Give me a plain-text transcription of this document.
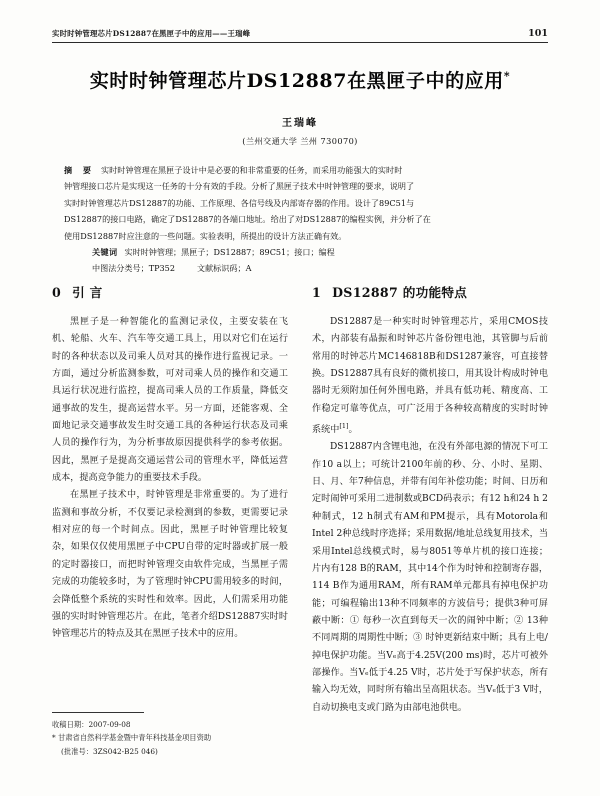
实时时钟管理芯片DS12887在黑匣子中的应用——王瑞峰	101
实时时钟管理芯片DS12887在黑匣子中的应用*
王瑞峰
(兰州交通大学 兰州 730070)
摘 要 实时时钟管理在黑匣子设计中是必要的和非常重要的任务，而采用功能强大的实时时
钟管理接口芯片是实现这一任务的十分有效的手段。分析了黑匣子技术中时钟管理的要求，说明了
实时时钟管理芯片DS12887的功能、工作原理、各信号线及内部寄存器的作用。设计了89C51与
DS12887的接口电路，确定了DS12887的各端口地址。给出了对DS12887的编程实例，并分析了在
使用DS12887时应注意的一些问题。实验表明，所提出的设计方法正确有效。
关键词 实时时钟管理；黑匣子；DS12887；89C51；接口；编程
中图法分类号；TP352	文献标识码；A
0 引 言

黑匣子是一种智能化的监测记录仪，主要安装在飞机、轮船、火车、汽车等交通工具上，用以对它们在运行时的各种状态以及司乘人员对其的操作进行监视记录。一方面，通过分析监测参数，可对司乘人员的操作和交通工具运行状况进行监控，提高司乘人员的工作质量，降低交通事故的发生，提高运营水平。另一方面，还能客观、全面地记录交通事故发生时交通工具的各种运行状态及司乘人员的操作行为，为分析事故原因提供科学的参考依据。因此，黑匣子是提高交通运营公司的管理水平，降低运营成本，提高竞争能力的重要技术手段。

在黑匣子技术中，时钟管理是非常重要的。为了进行监测和事故分析，不仅要记录检测到的参数，更需要记录相对应的每一个时间点。因此，黑匣子时钟管理比较复杂，如果仅仅使用黑匣子中CPU自带的定时器或扩展一般的定时器接口，而把时钟管理交由软件完成，当黑匣子需完成的功能较多时，为了管理时钟CPU需用较多的时间，会降低整个系统的实时性和效率。因此，人们需采用功能强的实时时钟管理芯片。在此，笔者介绍DS12887实时时钟管理芯片的特点及其在黑匣子技术中的应用。

1 DS12887 的功能特点

DS12887是一种实时时钟管理芯片，采用CMOS技术，内部装有晶振和时钟芯片备份锂电池，其管脚与后前常用的时钟芯片MC146818B和DS1287兼容，可直接替换。DS12887具有良好的微机接口，用其设计构成时钟电器时无须附加任何外围电路，并具有低功耗、精度高、工作稳定可靠等优点，可广泛用于各种较高精度的实时时钟系统中[1]。

DS12887内含锂电池，在没有外部电源的情况下可工作10 a以上；可统计2100年前的秒、分、小时、星期、日、月、年7种信息，并带有闰年补偿功能；时间、日历和定时闹钟可采用二进制数或BCD码表示；有12 h和24 h 2种制式，12 h制式有AM和PM提示，具有Motorola和Intel 2种总线时序选择；采用数据/地址总线复用技术，当采用Intel总线模式时，易与8051等单片机的接口连接；片内有128 B的RAM，其中14个作为时钟和控制寄存器，114 B作为通用RAM，所有RAM单元都具有掉电保护功能；可编程输出13种不同频率的方波信号；提供3种可屏蔽中断：① 每秒一次直到每天一次的闹钟中断；② 13种不同周期的周期性中断；③ 时钟更新结束中断；具有上电/掉电保护功能。当Vₑ高于4.25V(200 ms)时，芯片可被外部操作。当Vₑ低于4.25 V时，芯片处于写保护状态，所有输入均无效，同时所有输出呈高阻状态。当Vₑ低于3 V时，自动切换电支或门路为由部电池供电。

收稿日期：2007-09-08
* 甘肃省自然科学基金暨中青年科技基金项目资助
(批准号：3ZS042-B25 046)
